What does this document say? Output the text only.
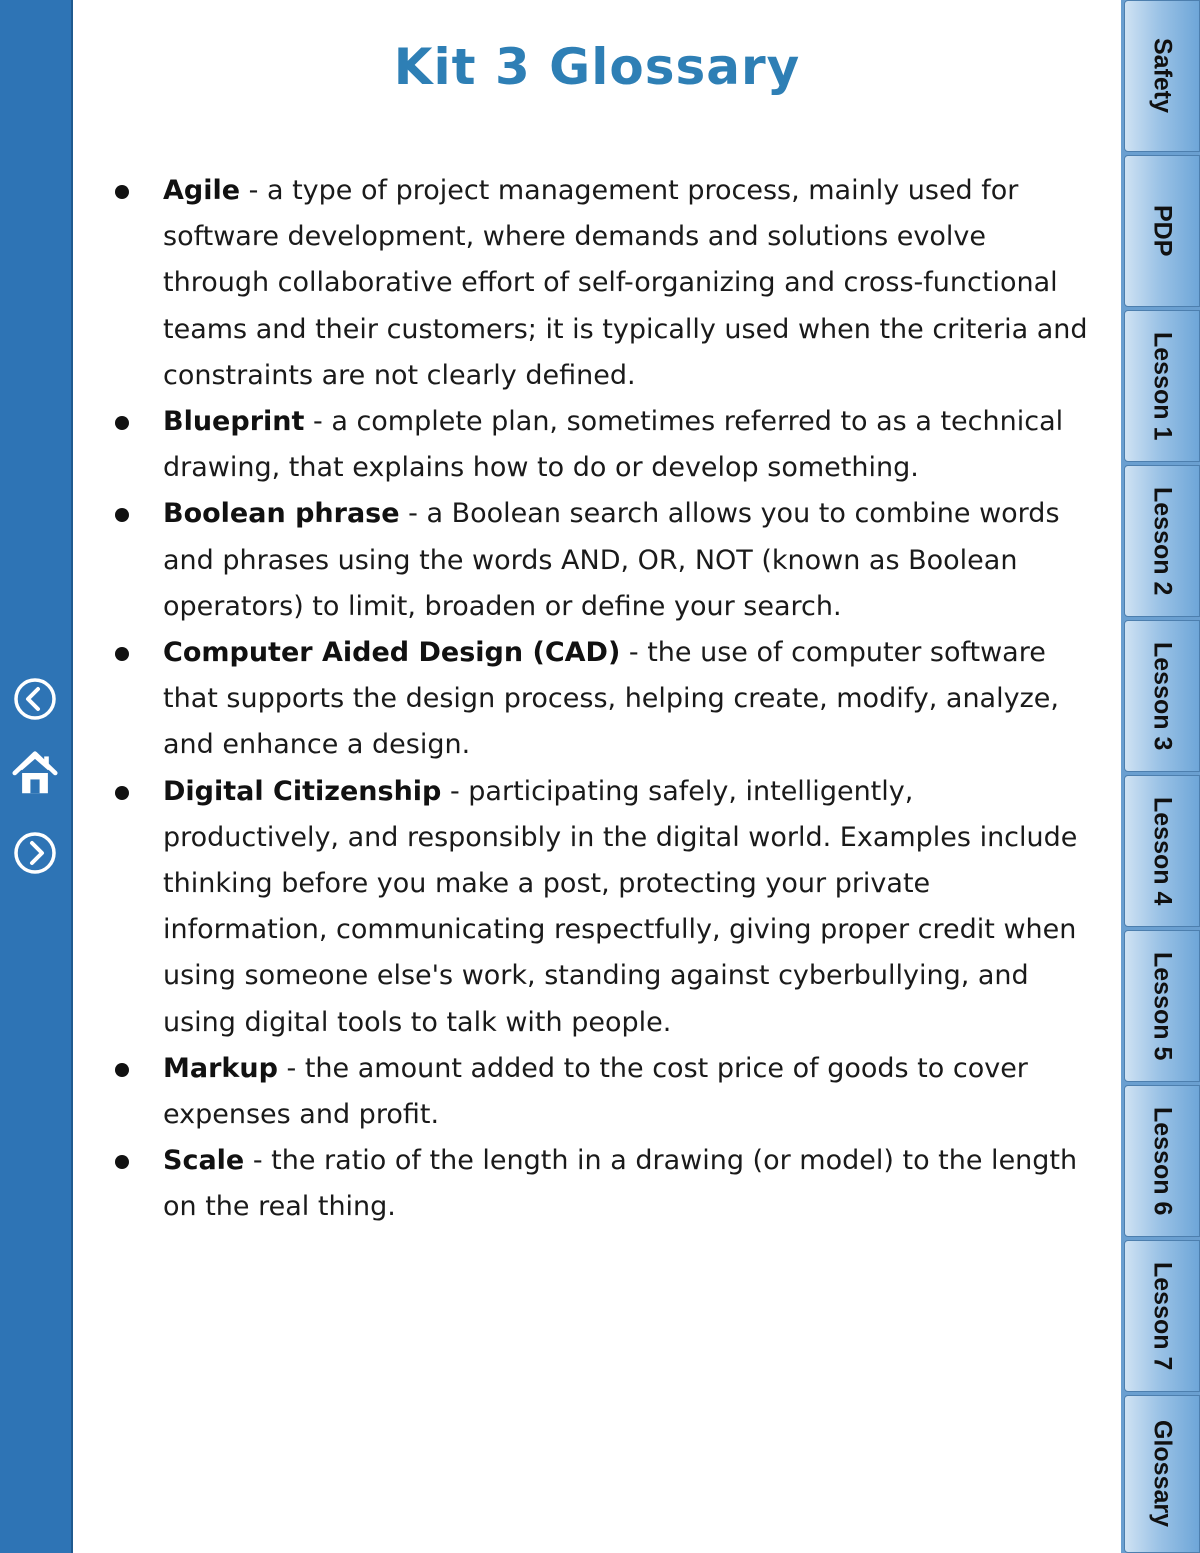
Kit 3 Glossary
Agile - a type of project management process, mainly used for software development, where demands and solutions evolve through collaborative effort of self-organizing and cross-functional teams and their customers; it is typically used when the criteria and constraints are not clearly defined.
Blueprint - a complete plan, sometimes referred to as a technical drawing, that explains how to do or develop something.
Boolean phrase - a Boolean search allows you to combine words and phrases using the words AND, OR, NOT (known as Boolean operators) to limit, broaden or define your search.
Computer Aided Design (CAD) - the use of computer software that supports the design process, helping create, modify, analyze, and enhance a design.
Digital Citizenship - participating safely, intelligently, productively, and responsibly in the digital world. Examples include thinking before you make a post, protecting your private information, communicating respectfully, giving proper credit when using someone else's work, standing against cyberbullying, and using digital tools to talk with people.
Markup - the amount added to the cost price of goods to cover expenses and profit.
Scale - the ratio of the length in a drawing (or model) to the length on the real thing.
Safety
PDP
Lesson 1
Lesson 2
Lesson 3
Lesson 4
Lesson 5
Lesson 6
Lesson 7
Glossary
